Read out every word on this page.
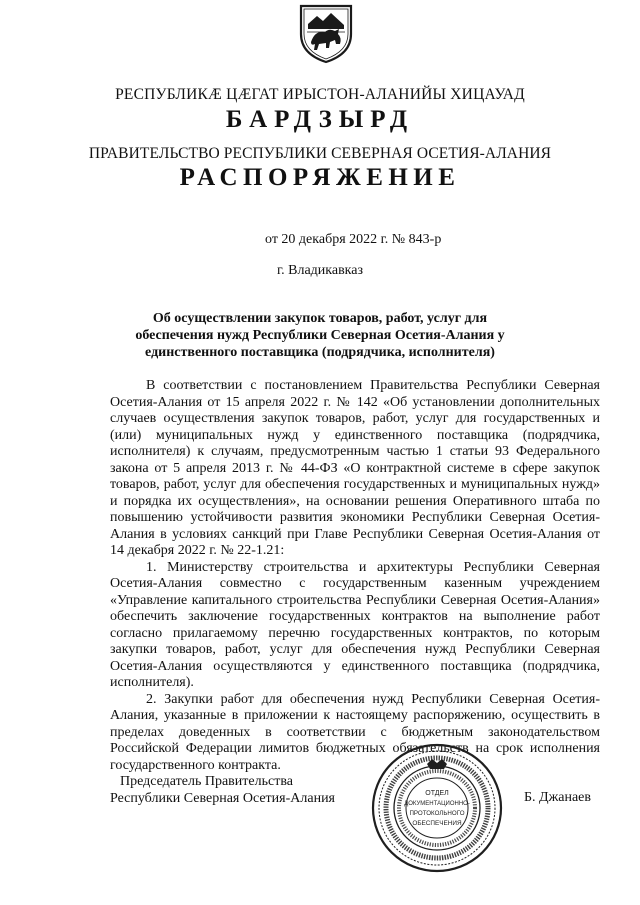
РЕСПУБЛИКӔ ЦӔГАТ ИРЫСТОН-АЛАНИЙЫ ХИЦАУАД
БАРДЗЫРД
ПРАВИТЕЛЬСТВО РЕСПУБЛИКИ СЕВЕРНАЯ ОСЕТИЯ-АЛАНИЯ
РАСПОРЯЖЕНИЕ
от 20 декабря 2022 г. № 843-р
г. Владикавказ
Об осуществлении закупок товаров, работ, услуг для обеспечения нужд Республики Северная Осетия-Алания у единственного поставщика (подрядчика, исполнителя)

В соответствии с постановлением Правительства Республики Северная Осетия-Алания от 15 апреля 2022 г. № 142 «Об установлении дополнительных случаев осуществления закупок товаров, работ, услуг для государственных и (или) муниципальных нужд у единственного поставщика (подрядчика, исполнителя) к случаям, предусмотренным частью 1 статьи 93 Федерального закона от 5 апреля 2013 г. № 44-ФЗ «О контрактной системе в сфере закупок товаров, работ, услуг для обеспечения государственных и муниципальных нужд» и порядка их осуществления», на основании решения Оперативного штаба по повышению устойчивости развития экономики Республики Северная Осетия-Алания в условиях санкций при Главе Республики Северная Осетия-Алания от 14 декабря 2022 г. № 22-1.21:

1. Министерству строительства и архитектуры Республики Северная Осетия-Алания совместно с государственным казенным учреждением «Управление капитального строительства Республики Северная Осетия-Алания» обеспечить заключение государственных контрактов на выполнение работ согласно прилагаемому перечню государственных контрактов, по которым закупки товаров, работ, услуг для обеспечения нужд Республики Северная Осетия-Алания осуществляются у единственного поставщика (подрядчика, исполнителя).

2. Закупки работ для обеспечения нужд Республики Северная Осетия-Алания, указанные в приложении к настоящему распоряжению, осуществить в пределах доведенных в соответствии с бюджетным законодательством Российской Федерации лимитов бюджетных обязательств на срок исполнения государственного контракта.

Председатель Правительства
Республики Северная Осетия-Алания	ОТДЕЛ
ДОКУМЕНТАЦИОННО-
ПРОТОКОЛЬНОГО
ОБЕСПЕЧЕНИЯ
Б. Джанаев
